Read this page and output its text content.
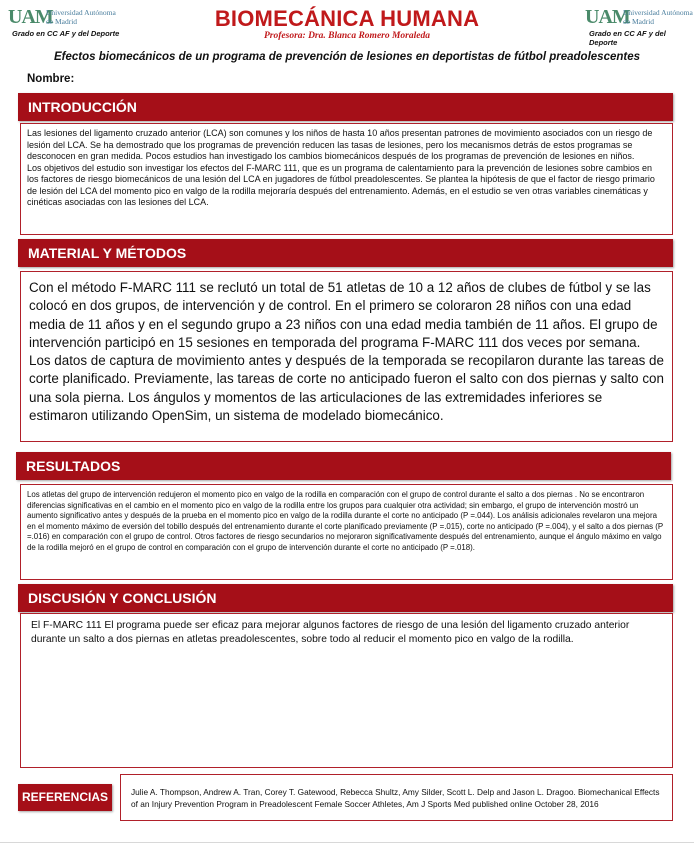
UAM
Universidad Autónoma
de Madrid
Grado en CC AF y del Deporte
UAM
Universidad Autónoma
de Madrid
Grado en CC AF y del Deporte
BIOMECÁNICA HUMANA
Profesora: Dra. Blanca Romero Moraleda
Efectos biomecánicos de un programa de prevención de lesiones en deportistas de fútbol preadolescentes
Nombre:
INTRODUCCIÓN

Las lesiones del ligamento cruzado anterior (LCA) son comunes y los niños de hasta 10 años presentan patrones de movimiento asociados con un riesgo de lesión del LCA. Se ha demostrado que los programas de prevención reducen las tasas de lesiones, pero los mecanismos detrás de estos programas se desconocen en gran medida. Pocos estudios han investigado los cambios biomecánicos después de los programas de prevención de lesiones en niños.

Los objetivos del estudio son investigar los efectos del F-MARC 111, que es un programa de calentamiento para la prevención de lesiones sobre cambios en los factores de riesgo biomecánicos de una lesión del LCA en jugadores de fútbol preadolescentes. Se plantea la hipótesis de que el factor de riesgo primario de lesión del LCA del momento pico en valgo de la rodilla mejoraría después del entrenamiento. Además, en el estudio se ven otras variables cinemáticas y cinéticas asociadas con las lesiones del LCA.

MATERIAL Y MÉTODOS

Con el método F-MARC 111 se reclutó un total de 51 atletas de 10 a 12 años de clubes de fútbol y se las colocó en dos grupos, de intervención y de control. En el primero se coloraron 28 niños con una edad media de 11 años y en el segundo grupo a 23 niños con una edad media también de 11 años. El grupo de intervención participó en 15 sesiones en temporada del programa F-MARC 111 dos veces por semana. Los datos de captura de movimiento antes y después de la temporada se recopilaron durante las tareas de corte planificado. Previamente, las tareas de corte no anticipado fueron el salto con dos piernas y salto con una sola pierna. Los ángulos y momentos de las articulaciones de las extremidades inferiores se estimaron utilizando OpenSim, un sistema de modelado biomecánico.

RESULTADOS

Los atletas del grupo de intervención redujeron el momento pico en valgo de la rodilla en comparación con el grupo de control durante el salto a dos piernas . No se encontraron diferencias significativas en el cambio en el momento pico en valgo de la rodilla entre los grupos para cualquier otra actividad; sin embargo, el grupo de intervención mostró un aumento significativo antes y después de la prueba en el momento pico en valgo de la rodilla durante el corte no anticipado (P =.044). Los análisis adicionales revelaron una mejora en el momento máximo de eversión del tobillo después del entrenamiento durante el corte planificado previamente (P =.015), corte no anticipado (P =.004), y el salto a dos piernas (P =.016) en comparación con el grupo de control. Otros factores de riesgo secundarios no mejoraron significativamente después del entrenamiento, aunque el ángulo máximo en valgo de la rodilla mejoró en el grupo de control en comparación con el grupo de intervención durante el corte no anticipado (P =.018).

DISCUSIÓN Y CONCLUSIÓN

El F-MARC 111 El programa puede ser eficaz para mejorar algunos factores de riesgo de una lesión del ligamento cruzado anterior durante un salto a dos piernas en atletas preadolescentes, sobre todo al reducir el momento pico en valgo de la rodilla.

REFERENCIAS	Julie A. Thompson, Andrew A. Tran, Corey T. Gatewood, Rebecca Shultz, Amy Silder, Scott L. Delp and Jason L. Dragoo. Biomechanical Effects of an Injury Prevention Program in Preadolescent Female Soccer Athletes, Am J Sports Med published online October 28, 2016
